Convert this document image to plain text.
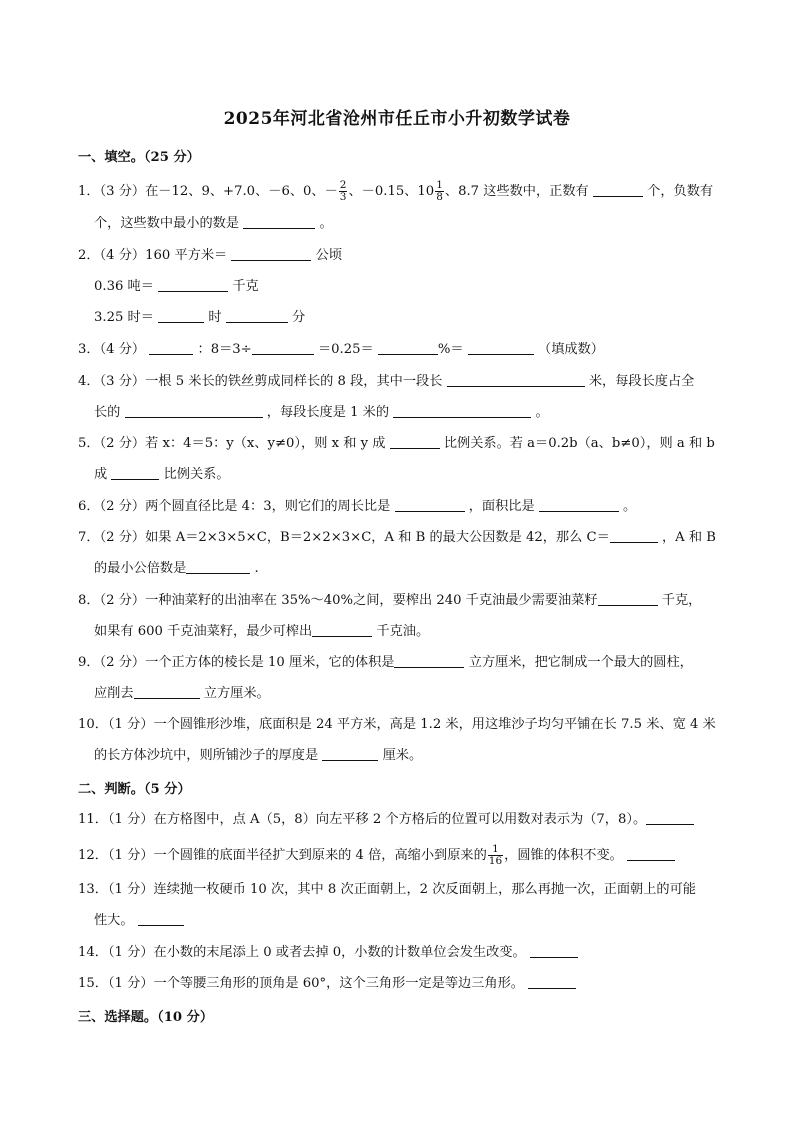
2025年河北省沧州市任丘市小升初数学试卷
一、填空。（25 分）
1．（3 分）在－12、9、+7.0、－6、0、－ $\frac{2}{3}$ 、－0.15、$10 \frac{1}{8}$ 、8.7 这些数中，正数有	个，负数有
个，这些数中最小的数是	。
2．（4 分）160 平方米＝	公顷
0.36 吨＝	千克
3.25 时＝	时	分
3．（4 分）	：8＝3÷	＝0.25＝	%＝	（填成数）
4．（3 分）一根 5 米长的铁丝剪成同样长的 8 段，其中一段长	米，每段长度占全
长的	，每段长度是 1 米的	。
5．（2 分）若 x：4＝5：y（x、y≠0），则 x 和 y 成	比例关系。若 a＝0.2b（a、b≠0），则 a 和 b
成	比例关系。
6．（2 分）两个圆直径比是 4：3，则它们的周长比是	，面积比是	。
7．（2 分）如果 A＝2×3×5×C，B＝2×2×3×C，A 和 B 的最大公因数是 42，那么 C＝	，A 和 B
的最小公倍数是	.
8．（2 分）一种油菜籽的出油率在 35%～40%之间，要榨出 240 千克油最少需要油菜籽	千克，
如果有 600 千克油菜籽，最少可榨出	千克油。
9．（2 分）一个正方体的棱长是 10 厘米，它的体积是	立方厘米，把它制成一个最大的圆柱，
应削去	立方厘米。
10．（1 分）一个圆锥形沙堆，底面积是 24 平方米，高是 1.2 米，用这堆沙子均匀平铺在长 7.5 米、宽 4 米
的长方体沙坑中，则所铺沙子的厚度是	厘米。
二、判断。（5 分）
11．（1 分）在方格图中，点 A（5，8）向左平移 2 个方格后的位置可以用数对表示为（7，8）。
12．（1 分）一个圆锥的底面半径扩大到原来的 4 倍，高缩小到原来的 $\frac{1}{16}$ ，圆锥的体积不变。
13．（1 分）连续抛一枚硬币 10 次，其中 8 次正面朝上，2 次反面朝上，那么再抛一次，正面朝上的可能
性大。
14．（1 分）在小数的末尾添上 0 或者去掉 0，小数的计数单位会发生改变。
15．（1 分）一个等腰三角形的顶角是 60°，这个三角形一定是等边三角形。
三、选择题。（10 分）
